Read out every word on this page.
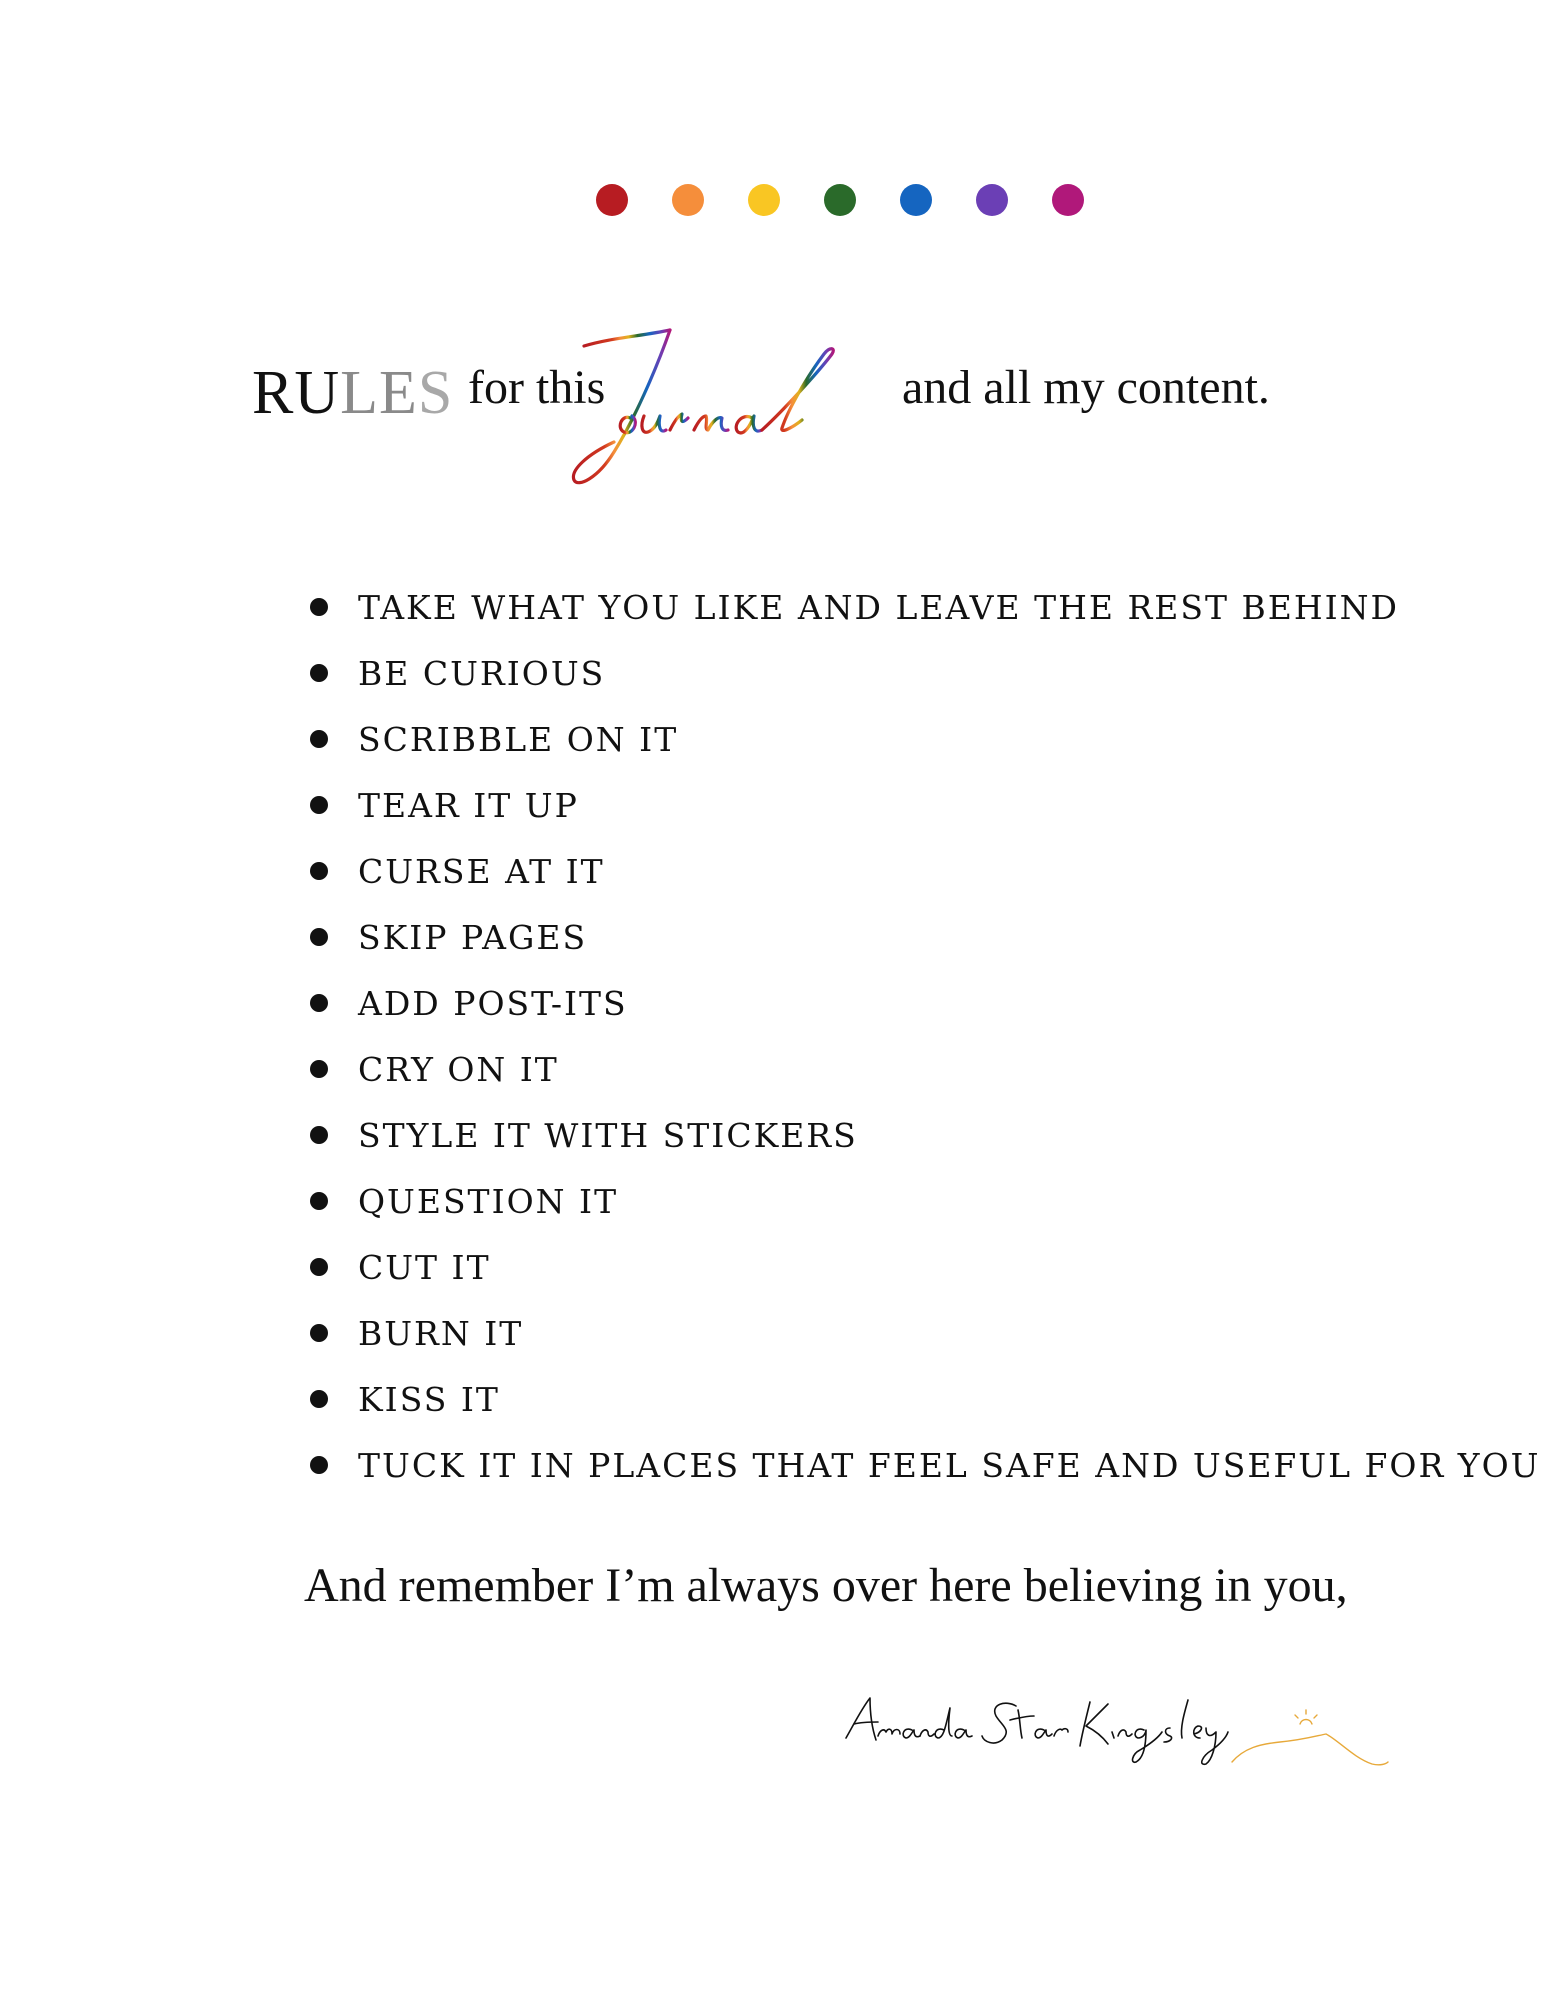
RULES for this	and all my content.
TAKE WHAT YOU LIKE AND LEAVE THE REST BEHIND
BE CURIOUS
SCRIBBLE ON IT
TEAR IT UP
CURSE AT IT
SKIP PAGES
ADD POST-ITS
CRY ON IT
STYLE IT WITH STICKERS
QUESTION IT
CUT IT
BURN IT
KISS IT
TUCK IT IN PLACES THAT FEEL SAFE AND USEFUL FOR YOU
And remember I’m always over here believing in you,
